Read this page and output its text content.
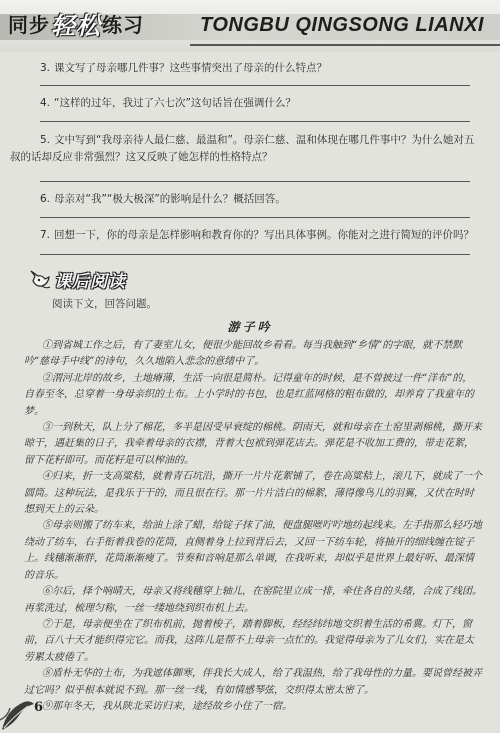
同步 轻松 练习	TONGBU QINGSONG LIANXI
3. 课文写了母亲哪几件事？这些事情突出了母亲的什么特点？
4. “这样的过年，我过了六七次”这句话旨在强调什么？
5. 文中写到“我母亲待人最仁慈、最温和”。母亲仁慈、温和体现在哪几件事中？为什么她对五叔的话却反应非常强烈？这又反映了她怎样的性格特点？
6. 母亲对“我”“极大极深”的影响是什么？概括回答。
7. 回想一下，你的母亲是怎样影响和教育你的？写出具体事例。你能对之进行简短的评价吗？
课后阅读
阅读下文，回答问题。
游子吟

①到省城工作之后，有了妻室儿女，便很少能回故乡看看。每当我触到“乡情”的字眼，就不禁默吟“慈母手中线”的诗句，久久地陷入悲念的意绪中了。

②渭河北岸的故乡，土地瘠薄，生活一向很是简朴。记得童年的时候，是不曾披过一件“洋布”的，自春至冬，总穿着一身母亲织的土布。上小学时的书包，也是红蓝网格的粗布做的，却养育了我童年的梦。

③一到秋天，队上分了棉花，多半是因受早衰绽的棉桃。阴雨天，就和母亲在土窑里剥棉桃，撕开来晾干，遇赶集的日子，我牵着母亲的衣襟，背着大包袱到弹花店去。弹花是不收加工费的，带走花絮，留下花籽即可。而花籽是可以榨油的。

④归来，折一支高粱秸，就着青石坑沿，撕开一片片花絮铺了，卷在高粱秸上，滚几下，就成了一个圆筒。这种玩法，是我乐于干的，而且很在行。那一片片洁白的棉絮，薄得像鸟儿的羽翼，又伏在时时想到天上的云朵。

⑤母亲则搬了纺车来，给油上涂了蜡，给锭子抹了油，便盘腿咝咛咛地纺起线来。左手指那么轻巧地绕动了纺车，右手衔着我卷的花筒，直侧着身上拉到背后去，又回一下纺车轮，将抽开的细线缠在锭子上。线穗渐渐胖，花筒渐渐瘦了。节奏和音响是那么单调，在我听来，却似乎是世界上最好听、最深情的音乐。

⑥尔后，择个响晴天，母亲又将线穗穿上轴儿，在窑院里立成一排，牵住各自的头绪，合成了线团。再浆洗过，梳理匀称，一丝一缕地绕到织布机上去。

⑦于是，母亲便坐在了织布机前，抛着梭子，踏着脚板，经经纬纬地交织着生活的希冀。灯下，窗前，百八十天才能织得完它。而我，这阵儿是帮不上母亲一点忙的。我觉得母亲为了儿女们，实在是太劳累太疲倦了。

⑧盾朴无华的土布，为我遮体御寒，伴我长大成人，给了我温热，给了我母性的力量。要说曾经被弄过它吗？似乎根本就说不到。那一丝一线，有如情感琴弦，交织得太密太密了。

⑨那年冬天，我从陕北采访归来，途经故乡小住了一宿。

6
